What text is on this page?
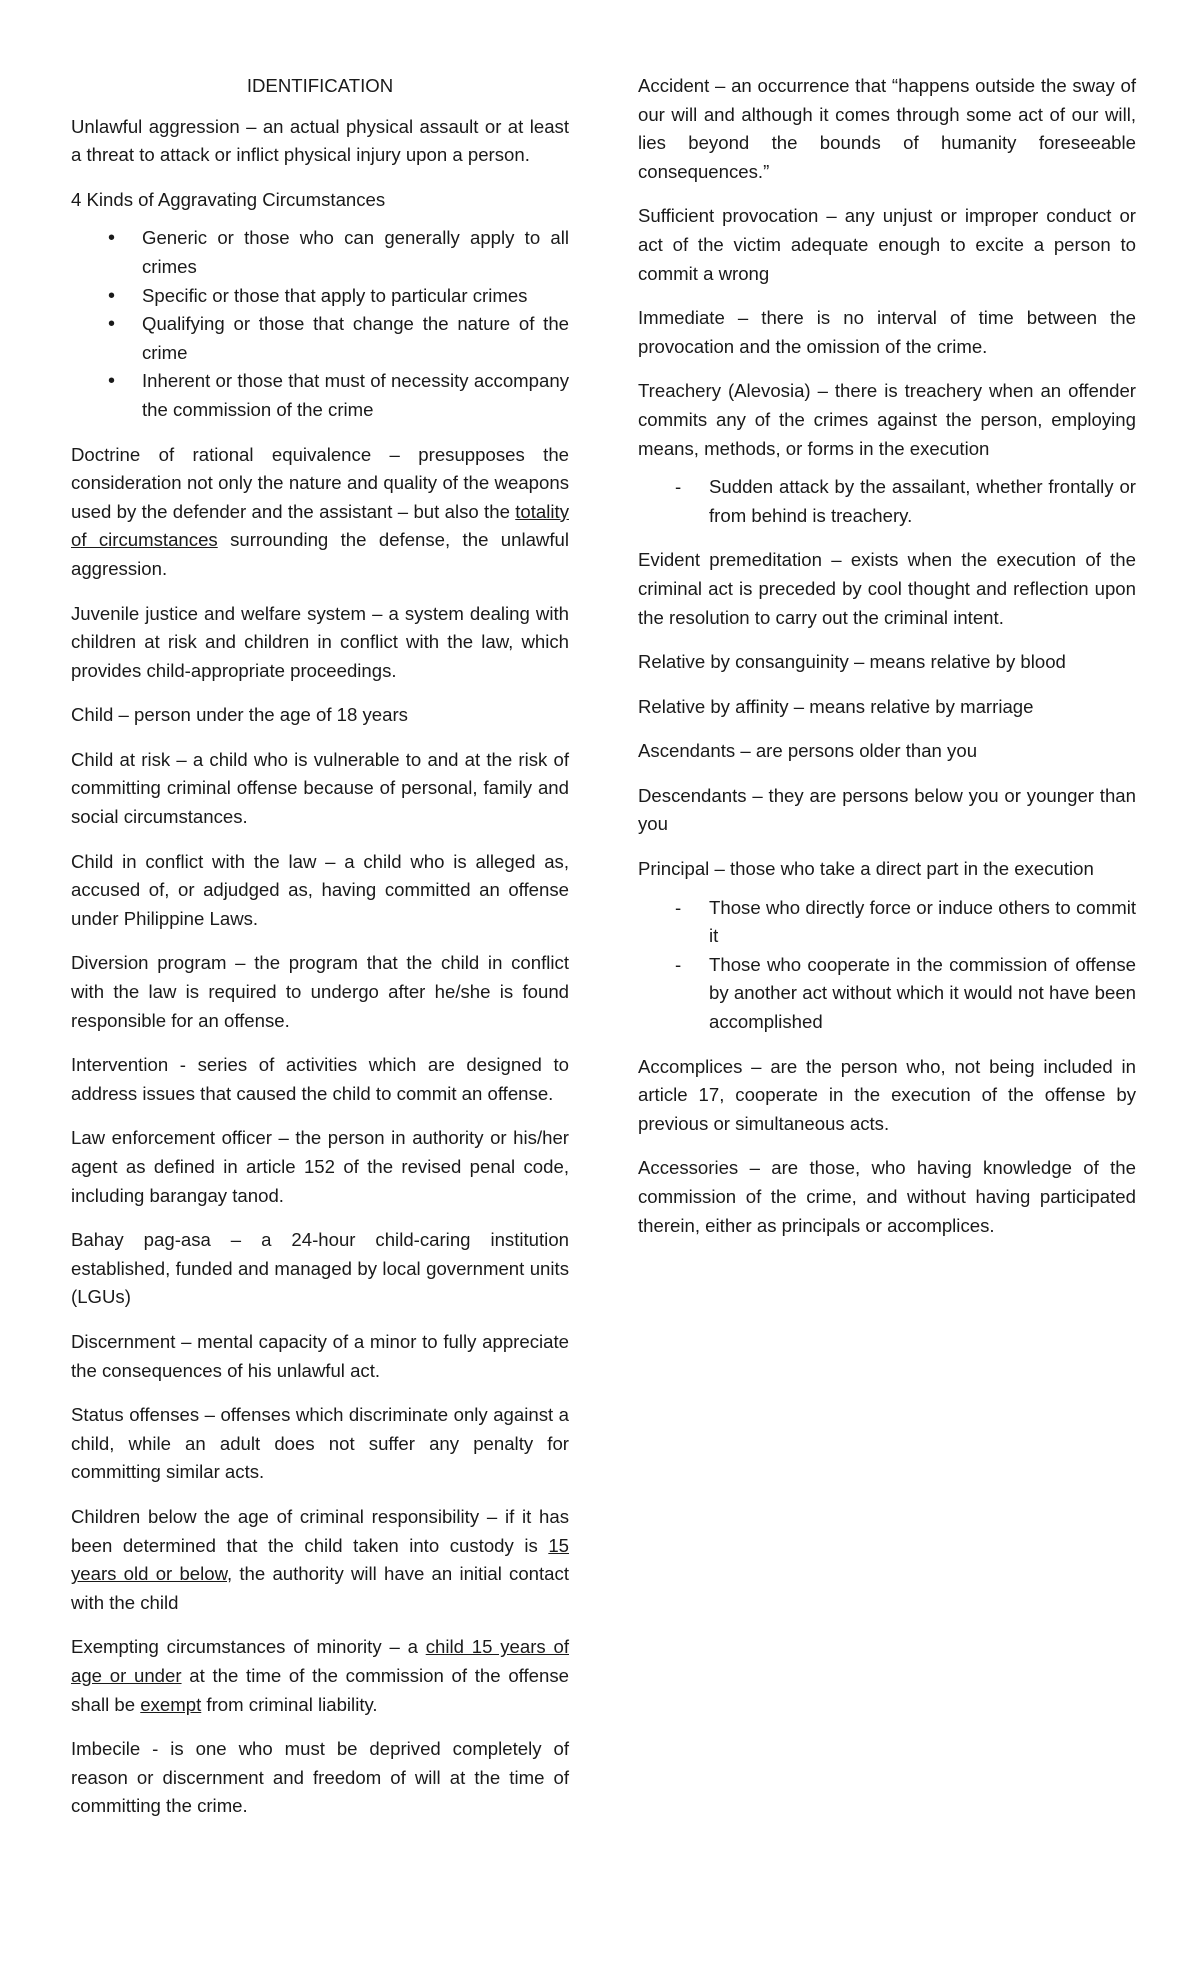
IDENTIFICATION

Unlawful aggression – an actual physical assault or at least a threat to attack or inflict physical injury upon a person.

4 Kinds of Aggravating Circumstances

• Generic or those who can generally apply to all crimes
• Specific or those that apply to particular crimes
• Qualifying or those that change the nature of the crime
• Inherent or those that must of necessity accompany the commission of the crime

Doctrine of rational equivalence – presupposes the consideration not only the nature and quality of the weapons used by the defender and the assistant – but also the totality of circumstances surrounding the defense, the unlawful aggression.

Juvenile justice and welfare system – a system dealing with children at risk and children in conflict with the law, which provides child-appropriate proceedings.

Child – person under the age of 18 years

Child at risk – a child who is vulnerable to and at the risk of committing criminal offense because of personal, family and social circumstances.

Child in conflict with the law – a child who is alleged as, accused of, or adjudged as, having committed an offense under Philippine Laws.

Diversion program – the program that the child in conflict with the law is required to undergo after he/she is found responsible for an offense.

Intervention - series of activities which are designed to address issues that caused the child to commit an offense.

Law enforcement officer – the person in authority or his/her agent as defined in article 152 of the revised penal code, including barangay tanod.

Bahay pag-asa – a 24-hour child-caring institution established, funded and managed by local government units (LGUs)

Discernment – mental capacity of a minor to fully appreciate the consequences of his unlawful act.

Status offenses – offenses which discriminate only against a child, while an adult does not suffer any penalty for committing similar acts.

Children below the age of criminal responsibility – if it has been determined that the child taken into custody is 15 years old or below, the authority will have an initial contact with the child

Exempting circumstances of minority – a child 15 years of age or under at the time of the commission of the offense shall be exempt from criminal liability.

Imbecile - is one who must be deprived completely of reason or discernment and freedom of will at the time of committing the crime.

Accident – an occurrence that “happens outside the sway of our will and although it comes through some act of our will, lies beyond the bounds of humanity foreseeable consequences.”

Sufficient provocation – any unjust or improper conduct or act of the victim adequate enough to excite a person to commit a wrong

Immediate – there is no interval of time between the provocation and the omission of the crime.

Treachery (Alevosia) – there is treachery when an offender commits any of the crimes against the person, employing means, methods, or forms in the execution

- Sudden attack by the assailant, whether frontally or from behind is treachery.

Evident premeditation – exists when the execution of the criminal act is preceded by cool thought and reflection upon the resolution to carry out the criminal intent.

Relative by consanguinity – means relative by blood

Relative by affinity – means relative by marriage

Ascendants – are persons older than you

Descendants – they are persons below you or younger than you

Principal – those who take a direct part in the execution

- Those who directly force or induce others to commit it
- Those who cooperate in the commission of offense by another act without which it would not have been accomplished

Accomplices – are the person who, not being included in article 17, cooperate in the execution of the offense by previous or simultaneous acts.

Accessories – are those, who having knowledge of the commission of the crime, and without having participated therein, either as principals or accomplices.
